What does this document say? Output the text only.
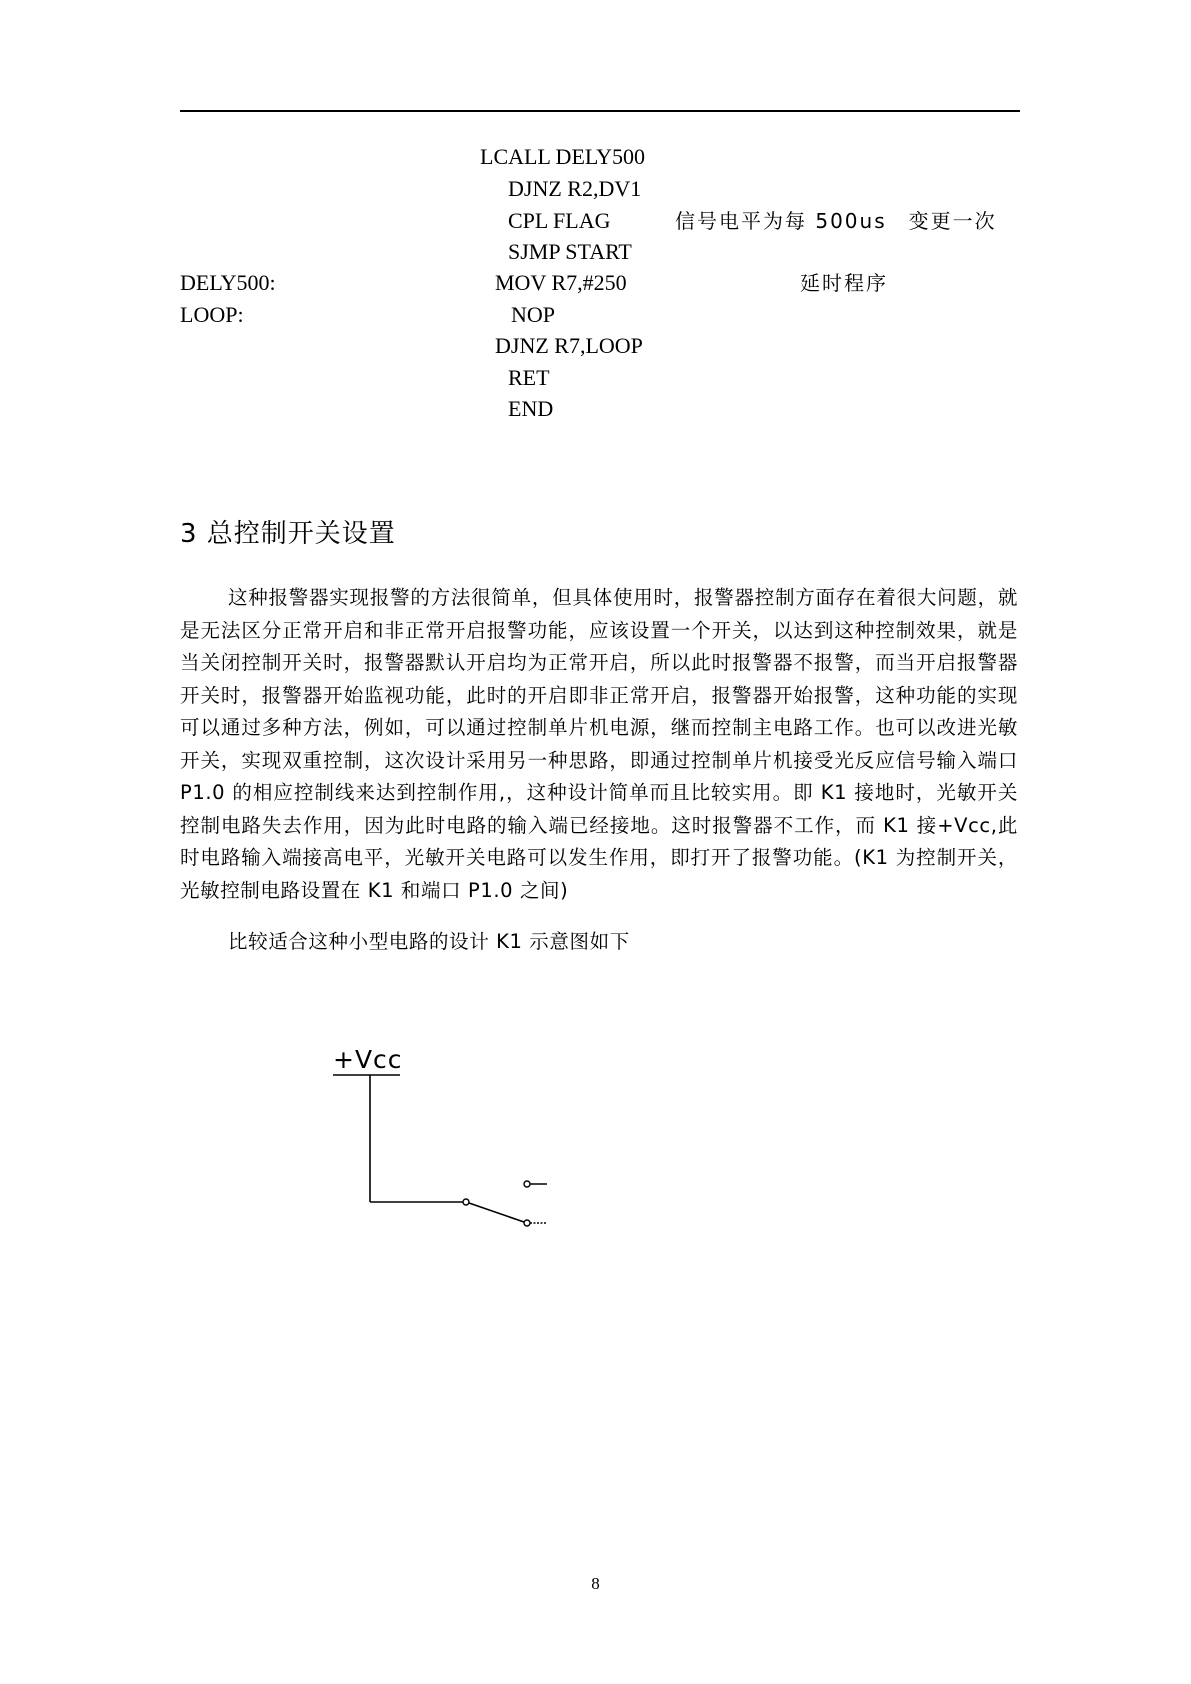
LCALL DELY500
DJNZ R2,DV1
CPL FLAG	信号电平为每 500us　变更一次
SJMP START
DELY500:	MOV R7,#250	延时程序
LOOP:	NOP
DJNZ R7,LOOP
RET
END
3 总控制开关设置

这种报警器实现报警的方法很简单，但具体使用时，报警器控制方面存在着很大问题，就是无法区分正常开启和非正常开启报警功能，应该设置一个开关，以达到这种控制效果，就是当关闭控制开关时，报警器默认开启均为正常开启，所以此时报警器不报警，而当开启报警器开关时，报警器开始监视功能，此时的开启即非正常开启，报警器开始报警，这种功能的实现可以通过多种方法，例如，可以通过控制单片机电源，继而控制主电路工作。也可以改进光敏开关，实现双重控制，这次设计采用另一种思路，即通过控制单片机接受光反应信号输入端口 P1.0 的相应控制线来达到控制作用,，这种设计简单而且比较实用。即 K1 接地时，光敏开关控制电路失去作用，因为此时电路的输入端已经接地。这时报警器不工作，而 K1 接+Vcc,此时电路输入端接高电平，光敏开关电路可以发生作用，即打开了报警功能。(K1 为控制开关，光敏控制电路设置在 K1 和端口 P1.0 之间)

比较适合这种小型电路的设计 K1 示意图如下

+Vcc
8
